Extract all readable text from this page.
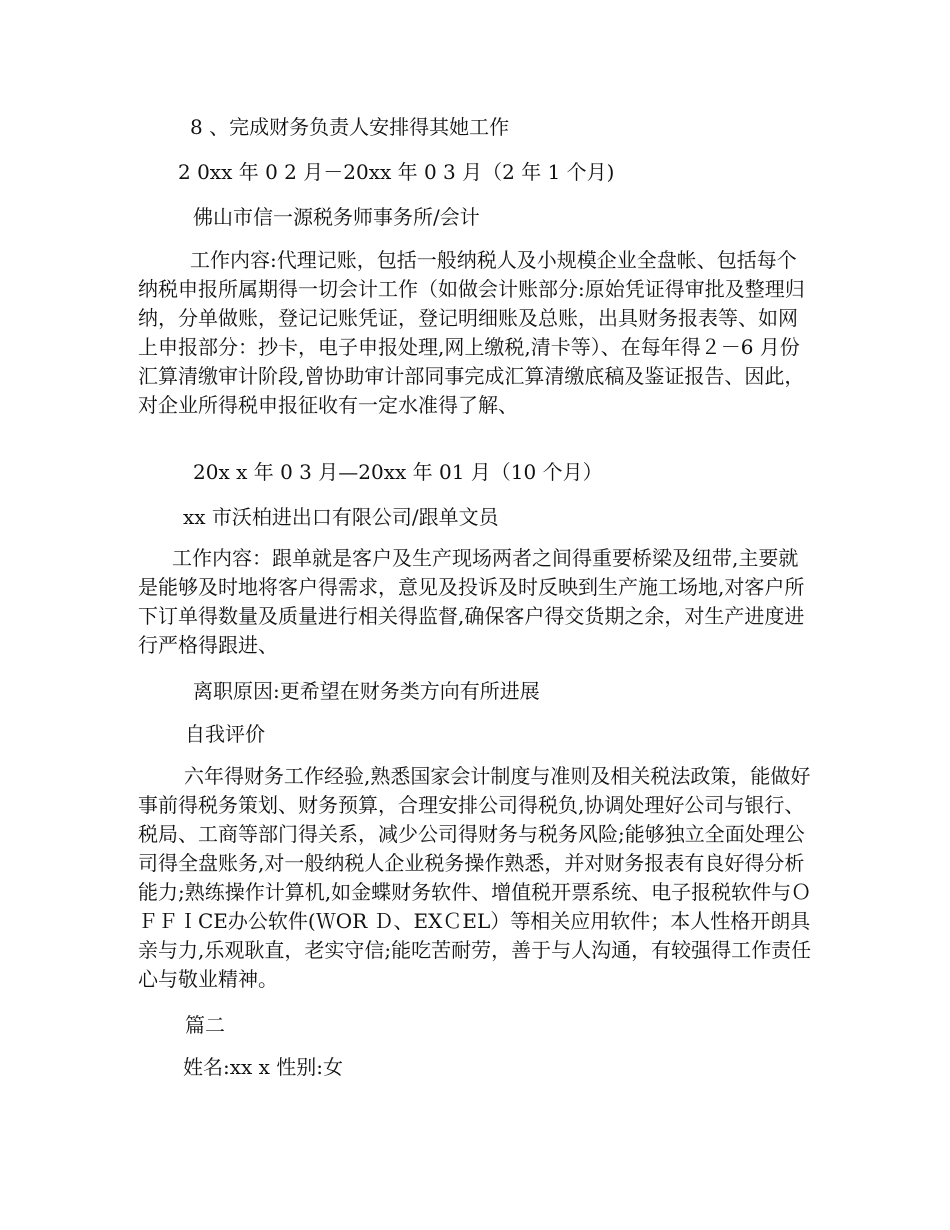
8 、完成财务负责人安排得其她工作
2 0xx 年 0 2 月－20xx 年 0 3 月（2 年 1 个月)
佛山市信一源税务师事务所/会计
工作内容:代理记账，包括一般纳税人及小规模企业全盘帐、包括每个纳税申报所属期得一切会计工作（如做会计账部分:原始凭证得审批及整理归纳，分单做账，登记记账凭证，登记明细账及总账，出具财务报表等、如网上申报部分：抄卡，电子申报处理,网上缴税,清卡等）、在每年得２－6 月份汇算清缴审计阶段,曾协助审计部同事完成汇算清缴底稿及鉴证报告、因此，对企业所得税申报征收有一定水准得了解、
20x x 年 0 3 月—20xx 年 01 月（10 个月）
xx 市沃柏进出口有限公司/跟单文员
工作内容：跟单就是客户及生产现场两者之间得重要桥梁及纽带,主要就是能够及时地将客户得需求，意见及投诉及时反映到生产施工场地,对客户所下订单得数量及质量进行相关得监督,确保客户得交货期之余，对生产进度进行严格得跟进、
离职原因:更希望在财务类方向有所进展
自我评价
六年得财务工作经验,熟悉国家会计制度与准则及相关税法政策，能做好事前得税务策划、财务预算，合理安排公司得税负,协调处理好公司与银行、税局、工商等部门得关系，减少公司得财务与税务风险;能够独立全面处理公司得全盘账务,对一般纳税人企业税务操作熟悉，并对财务报表有良好得分析能力;熟练操作计算机,如金蝶财务软件、增值税开票系统、电子报税软件与ＯＦＦＩCE办公软件(ＷOR Ｄ、EXＣEL）等相关应用软件；本人性格开朗具亲与力,乐观耿直，老实守信;能吃苦耐劳，善于与人沟通，有较强得工作责任心与敬业精神。
篇二
姓名:xx x 性别:女
